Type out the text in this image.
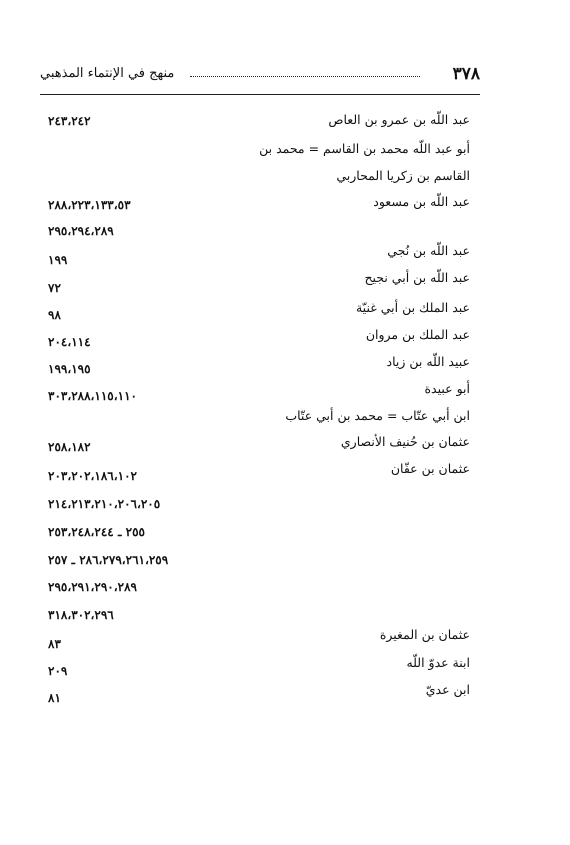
منهج في الإنتماء المذهبي	٣٧٨
عبد اللّه بن عمرو بن العاص
أبو عبد اللّه محمد بن القاسم = محمد بن
القاسم بن زكريا المحاربي
عبد اللّه بن مسعود
عبد اللّه بن نُجي
عبد اللّه بن أبي نجيح
عبد الملك بن أبي غنيّة
عبد الملك بن مروان
عبيد اللّه بن زياد
أبو عبيدة
ابن أبي عتّاب = محمد بن أبي عتّاب
عثمان بن حُنيف الأنصاري
عثمان بن عفّان
عثمان بن المغيرة
ابنة عدوّ اللّه
ابن عديّ
٢٤٣،٢٤٢
٢٨٨،٢٢٣،١٣٣،٥٣
٢٩٥،٢٩٤،٢٨٩
١٩٩
٧٢
٩٨
٢٠٤،١١٤
١٩٩،١٩٥
٣٠٣،٢٨٨،١١٥،١١٠
٢٥٨،١٨٢
٢٠٣،٢٠٢،١٨٦،١٠٢
٢١٤،٢١٣،٢١٠،٢٠٦،٢٠٥
٢٥٥ ـ ٢٥٣،٢٤٨،٢٤٤
٢٨٦،٢٧٩،٢٦١،٢٥٩ ـ ٢٥٧
٢٩٥،٢٩١،٢٩٠،٢٨٩
٣١٨،٣٠٢،٢٩٦
٨٣
٢٠٩
٨١
